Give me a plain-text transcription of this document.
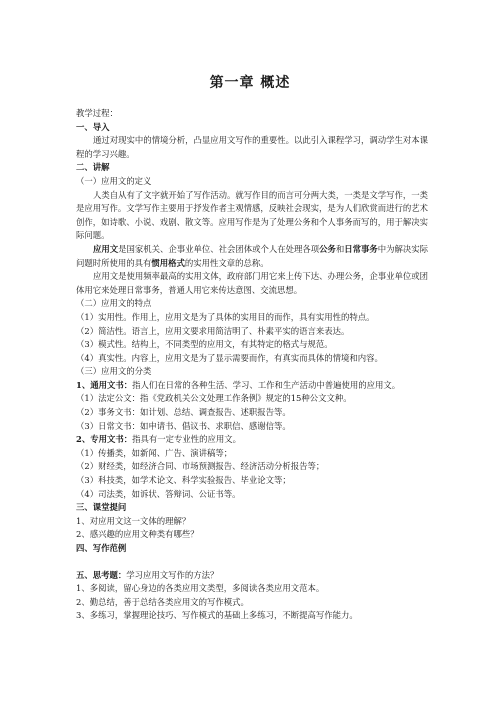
第一章 概述
教学过程：
一、导入
通过对现实中的情境分析，凸显应用文写作的重要性。以此引入课程学习，调动学生对本课程的学习兴趣。
二、讲解
（一）应用文的定义
人类自从有了文字就开始了写作活动。就写作目的而言可分两大类，一类是文学写作，一类是应用写作。文学写作主要用于抒发作者主观情感，反映社会现实，是为人们欣赏而进行的艺术创作，如诗歌、小说、戏剧、散文等。应用写作是为了处理公务和个人事务而写的，用于解决实际问题。
应用文是国家机关、企事业单位、社会团体或个人在处理各项公务和日常事务中为解决实际问题时所使用的具有惯用格式的实用性文章的总称。
应用文是使用频率最高的实用文体，政府部门用它来上传下达、办理公务，企事业单位或团体用它来处理日常事务，普通人用它来传达意图、交流思想。
（二）应用文的特点
（1）实用性。作用上，应用文是为了具体的实用目的而作，具有实用性的特点。
（2）简洁性。语言上，应用文要求用简洁明了、朴素平实的语言来表达。
（3）模式性。结构上，不同类型的应用文，有其特定的格式与规范。
（4）真实性。内容上，应用文是为了显示需要而作，有真实而具体的情境和内容。
（三）应用文的分类
1、通用文书：指人们在日常的各种生活、学习、工作和生产活动中普遍使用的应用文。
（1）法定公文：指《党政机关公文处理工作条例》规定的15种公文文种。
（2）事务文书：如计划、总结、调查报告、述职报告等。
（3）日常文书：如申请书、倡议书、求职信、感谢信等。
2、专用文书：指具有一定专业性的应用文。
（1）传播类，如新闻、广告、演讲稿等；
（2）财经类，如经济合同、市场预测报告、经济活动分析报告等；
（3）科技类，如学术论文、科学实验报告、毕业论文等；
（4）司法类，如诉状、答辩词、公证书等。
三、课堂提问
1、对应用文这一文体的理解？
2、感兴趣的应用文种类有哪些？
四、写作范例
五、思考题：学习应用文写作的方法？
1、多阅读，留心身边的各类应用文类型，多阅读各类应用文范本。
2、勤总结，善于总结各类应用文的写作模式。
3、多练习，掌握理论技巧、写作模式的基础上多练习，不断提高写作能力。
